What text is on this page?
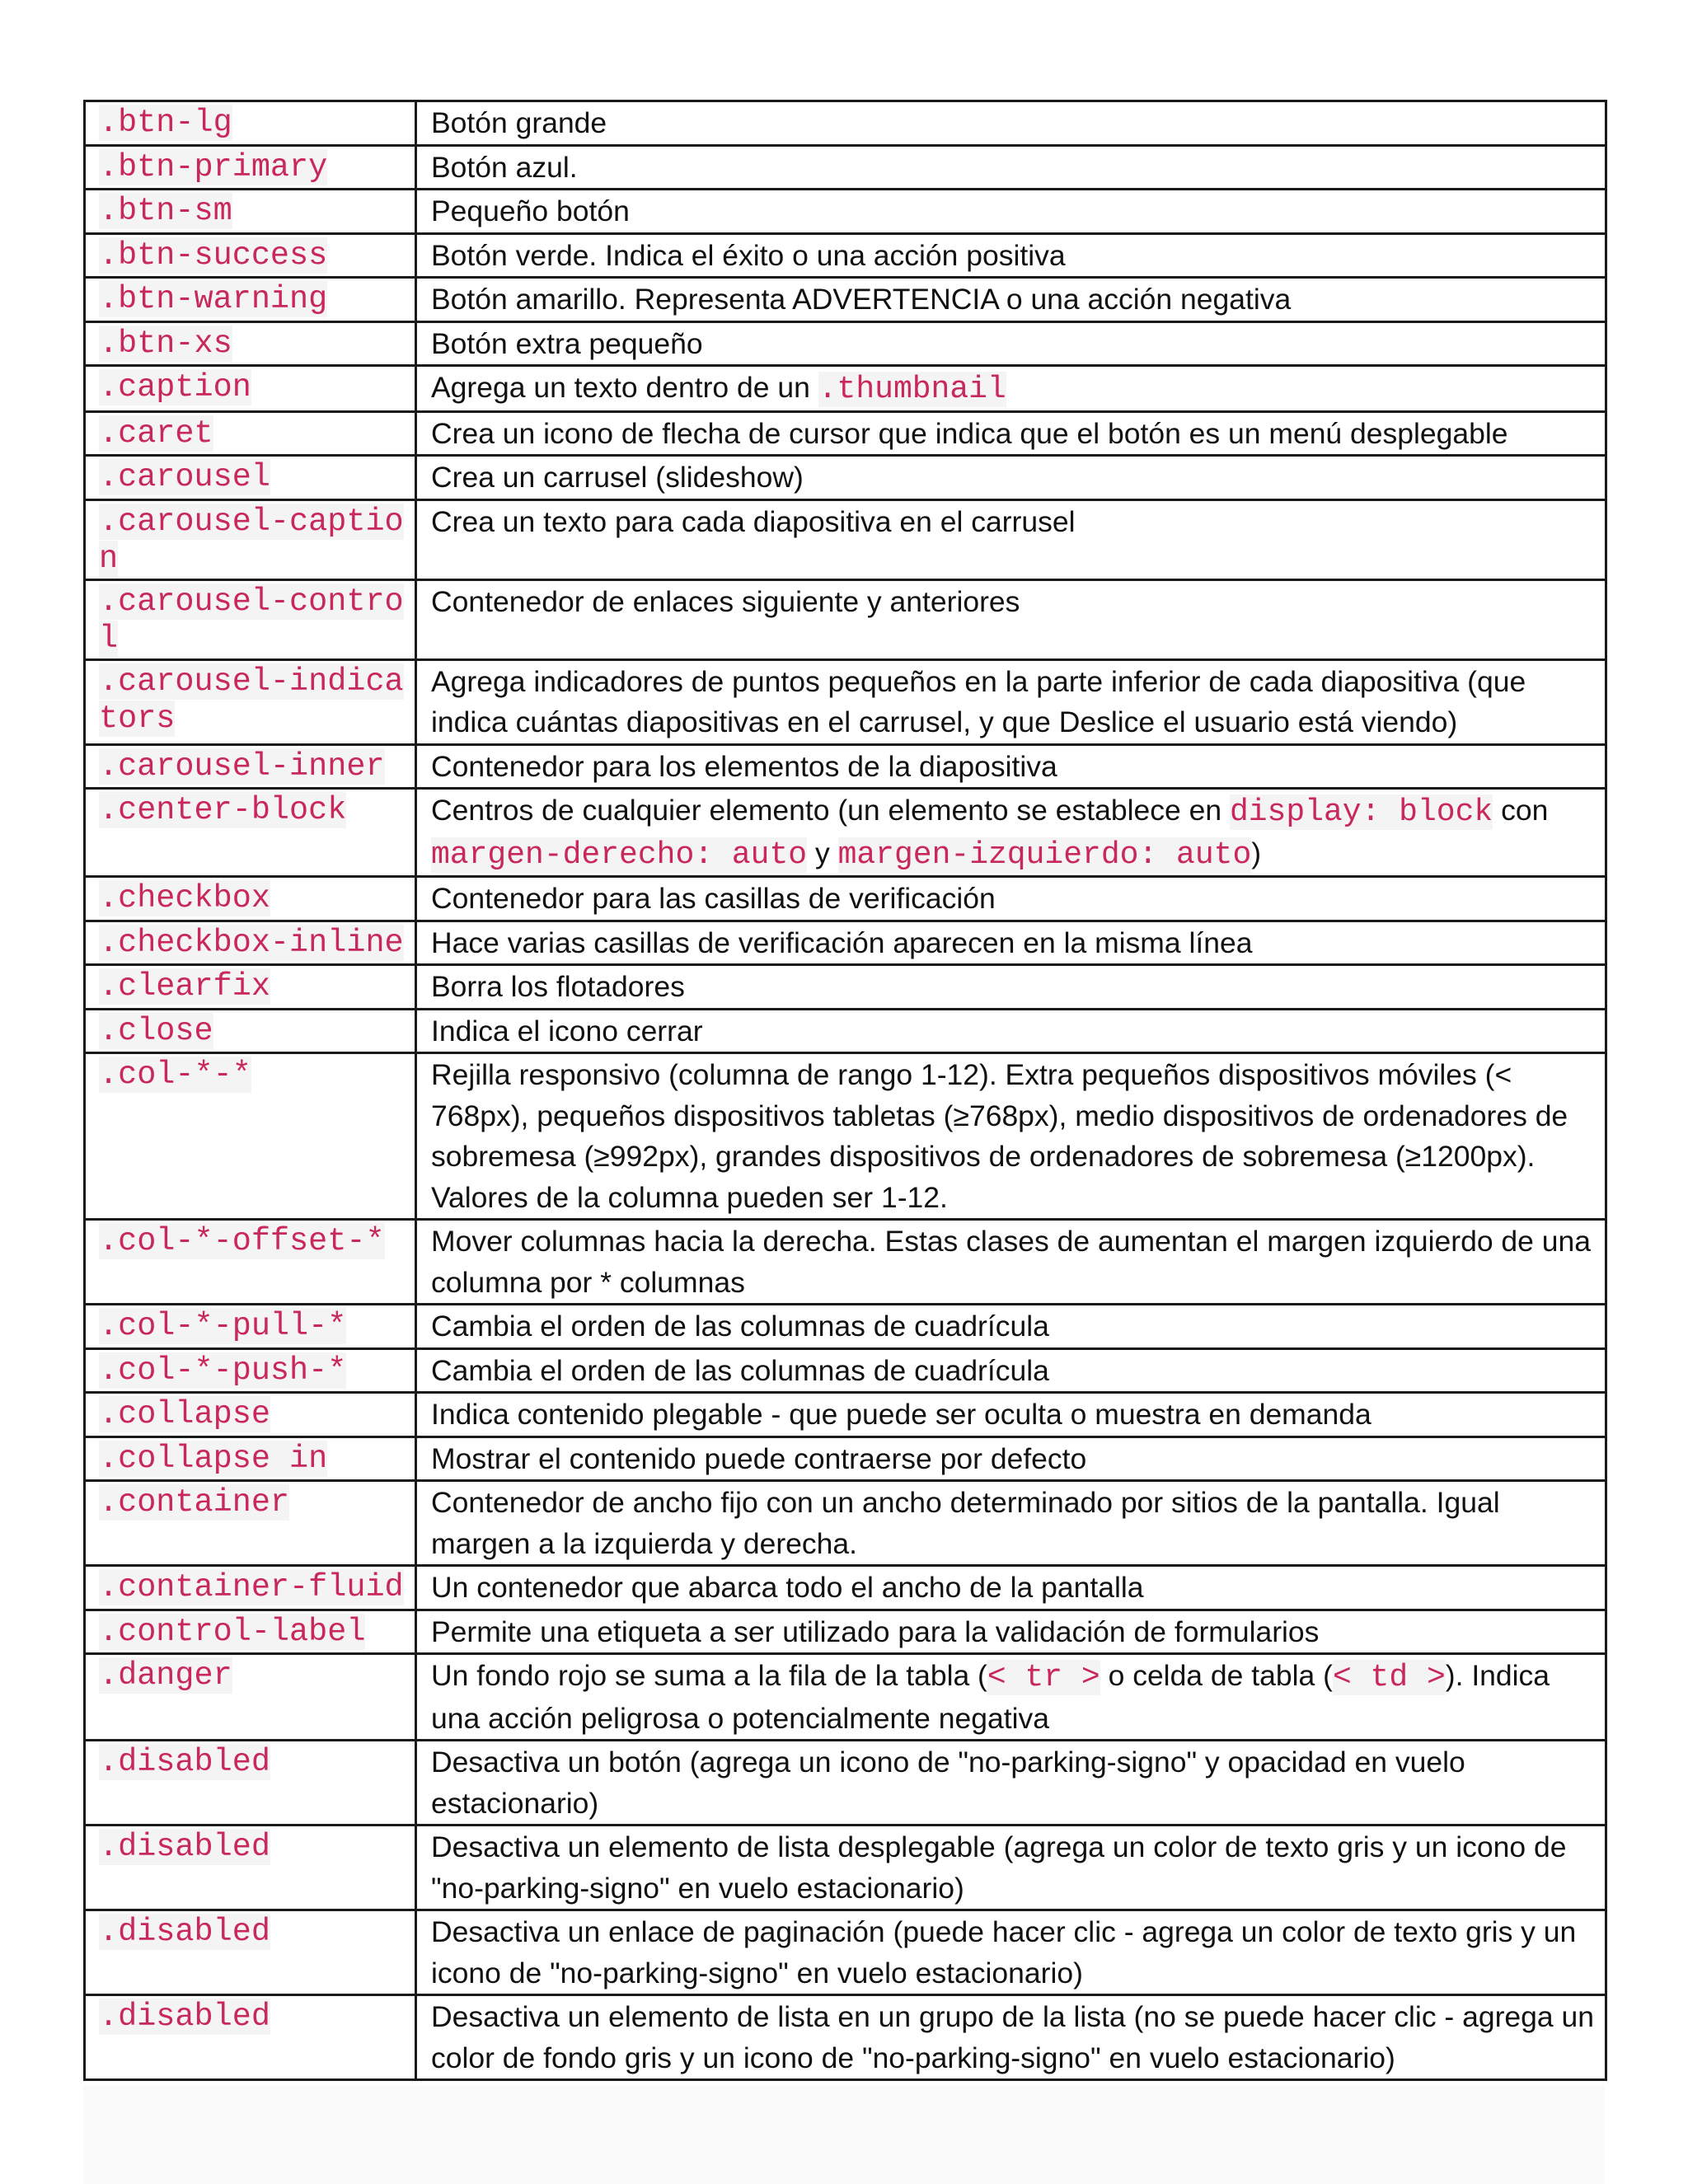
.btn-lg	Botón grande
.btn-primary	Botón azul.
.btn-sm	Pequeño botón
.btn-success	Botón verde. Indica el éxito o una acción positiva
.btn-warning	Botón amarillo. Representa ADVERTENCIA o una acción negativa
.btn-xs	Botón extra pequeño
.caption	Agrega un texto dentro de un .thumbnail
.caret	Crea un icono de flecha de cursor que indica que el botón es un menú desplegable
.carousel	Crea un carrusel (slideshow)
.carousel-caption	Crea un texto para cada diapositiva en el carrusel
.carousel-control	Contenedor de enlaces siguiente y anteriores
.carousel-indicators	Agrega indicadores de puntos pequeños en la parte inferior de cada diapositiva (que indica cuántas diapositivas en el carrusel, y que Deslice el usuario está viendo)
.carousel-inner	Contenedor para los elementos de la diapositiva
.center-block	Centros de cualquier elemento (un elemento se establece en display: block con margen-derecho: auto y margen-izquierdo: auto)
.checkbox	Contenedor para las casillas de verificación
.checkbox-inline	Hace varias casillas de verificación aparecen en la misma línea
.clearfix	Borra los flotadores
.close	Indica el icono cerrar
.col-*-*	Rejilla responsivo (columna de rango 1-12). Extra pequeños dispositivos móviles (< 768px), pequeños dispositivos tabletas (≥768px), medio dispositivos de ordenadores de sobremesa (≥992px), grandes dispositivos de ordenadores de sobremesa (≥1200px). Valores de la columna pueden ser 1-12.
.col-*-offset-*	Mover columnas hacia la derecha. Estas clases de aumentan el margen izquierdo de una columna por * columnas
.col-*-pull-*	Cambia el orden de las columnas de cuadrícula
.col-*-push-*	Cambia el orden de las columnas de cuadrícula
.collapse	Indica contenido plegable - que puede ser oculta o muestra en demanda
.collapse in	Mostrar el contenido puede contraerse por defecto
.container	Contenedor de ancho fijo con un ancho determinado por sitios de la pantalla. Igual margen a la izquierda y derecha.
.container-fluid	Un contenedor que abarca todo el ancho de la pantalla
.control-label	Permite una etiqueta a ser utilizado para la validación de formularios
.danger	Un fondo rojo se suma a la fila de la tabla (< tr > o celda de tabla (< td >). Indica una acción peligrosa o potencialmente negativa
.disabled	Desactiva un botón (agrega un icono de "no-parking-signo" y opacidad en vuelo estacionario)
.disabled	Desactiva un elemento de lista desplegable (agrega un color de texto gris y un icono de "no-parking-signo" en vuelo estacionario)
.disabled	Desactiva un enlace de paginación (puede hacer clic - agrega un color de texto gris y un icono de "no-parking-signo" en vuelo estacionario)
.disabled	Desactiva un elemento de lista en un grupo de la lista (no se puede hacer clic - agrega un color de fondo gris y un icono de "no-parking-signo" en vuelo estacionario)
